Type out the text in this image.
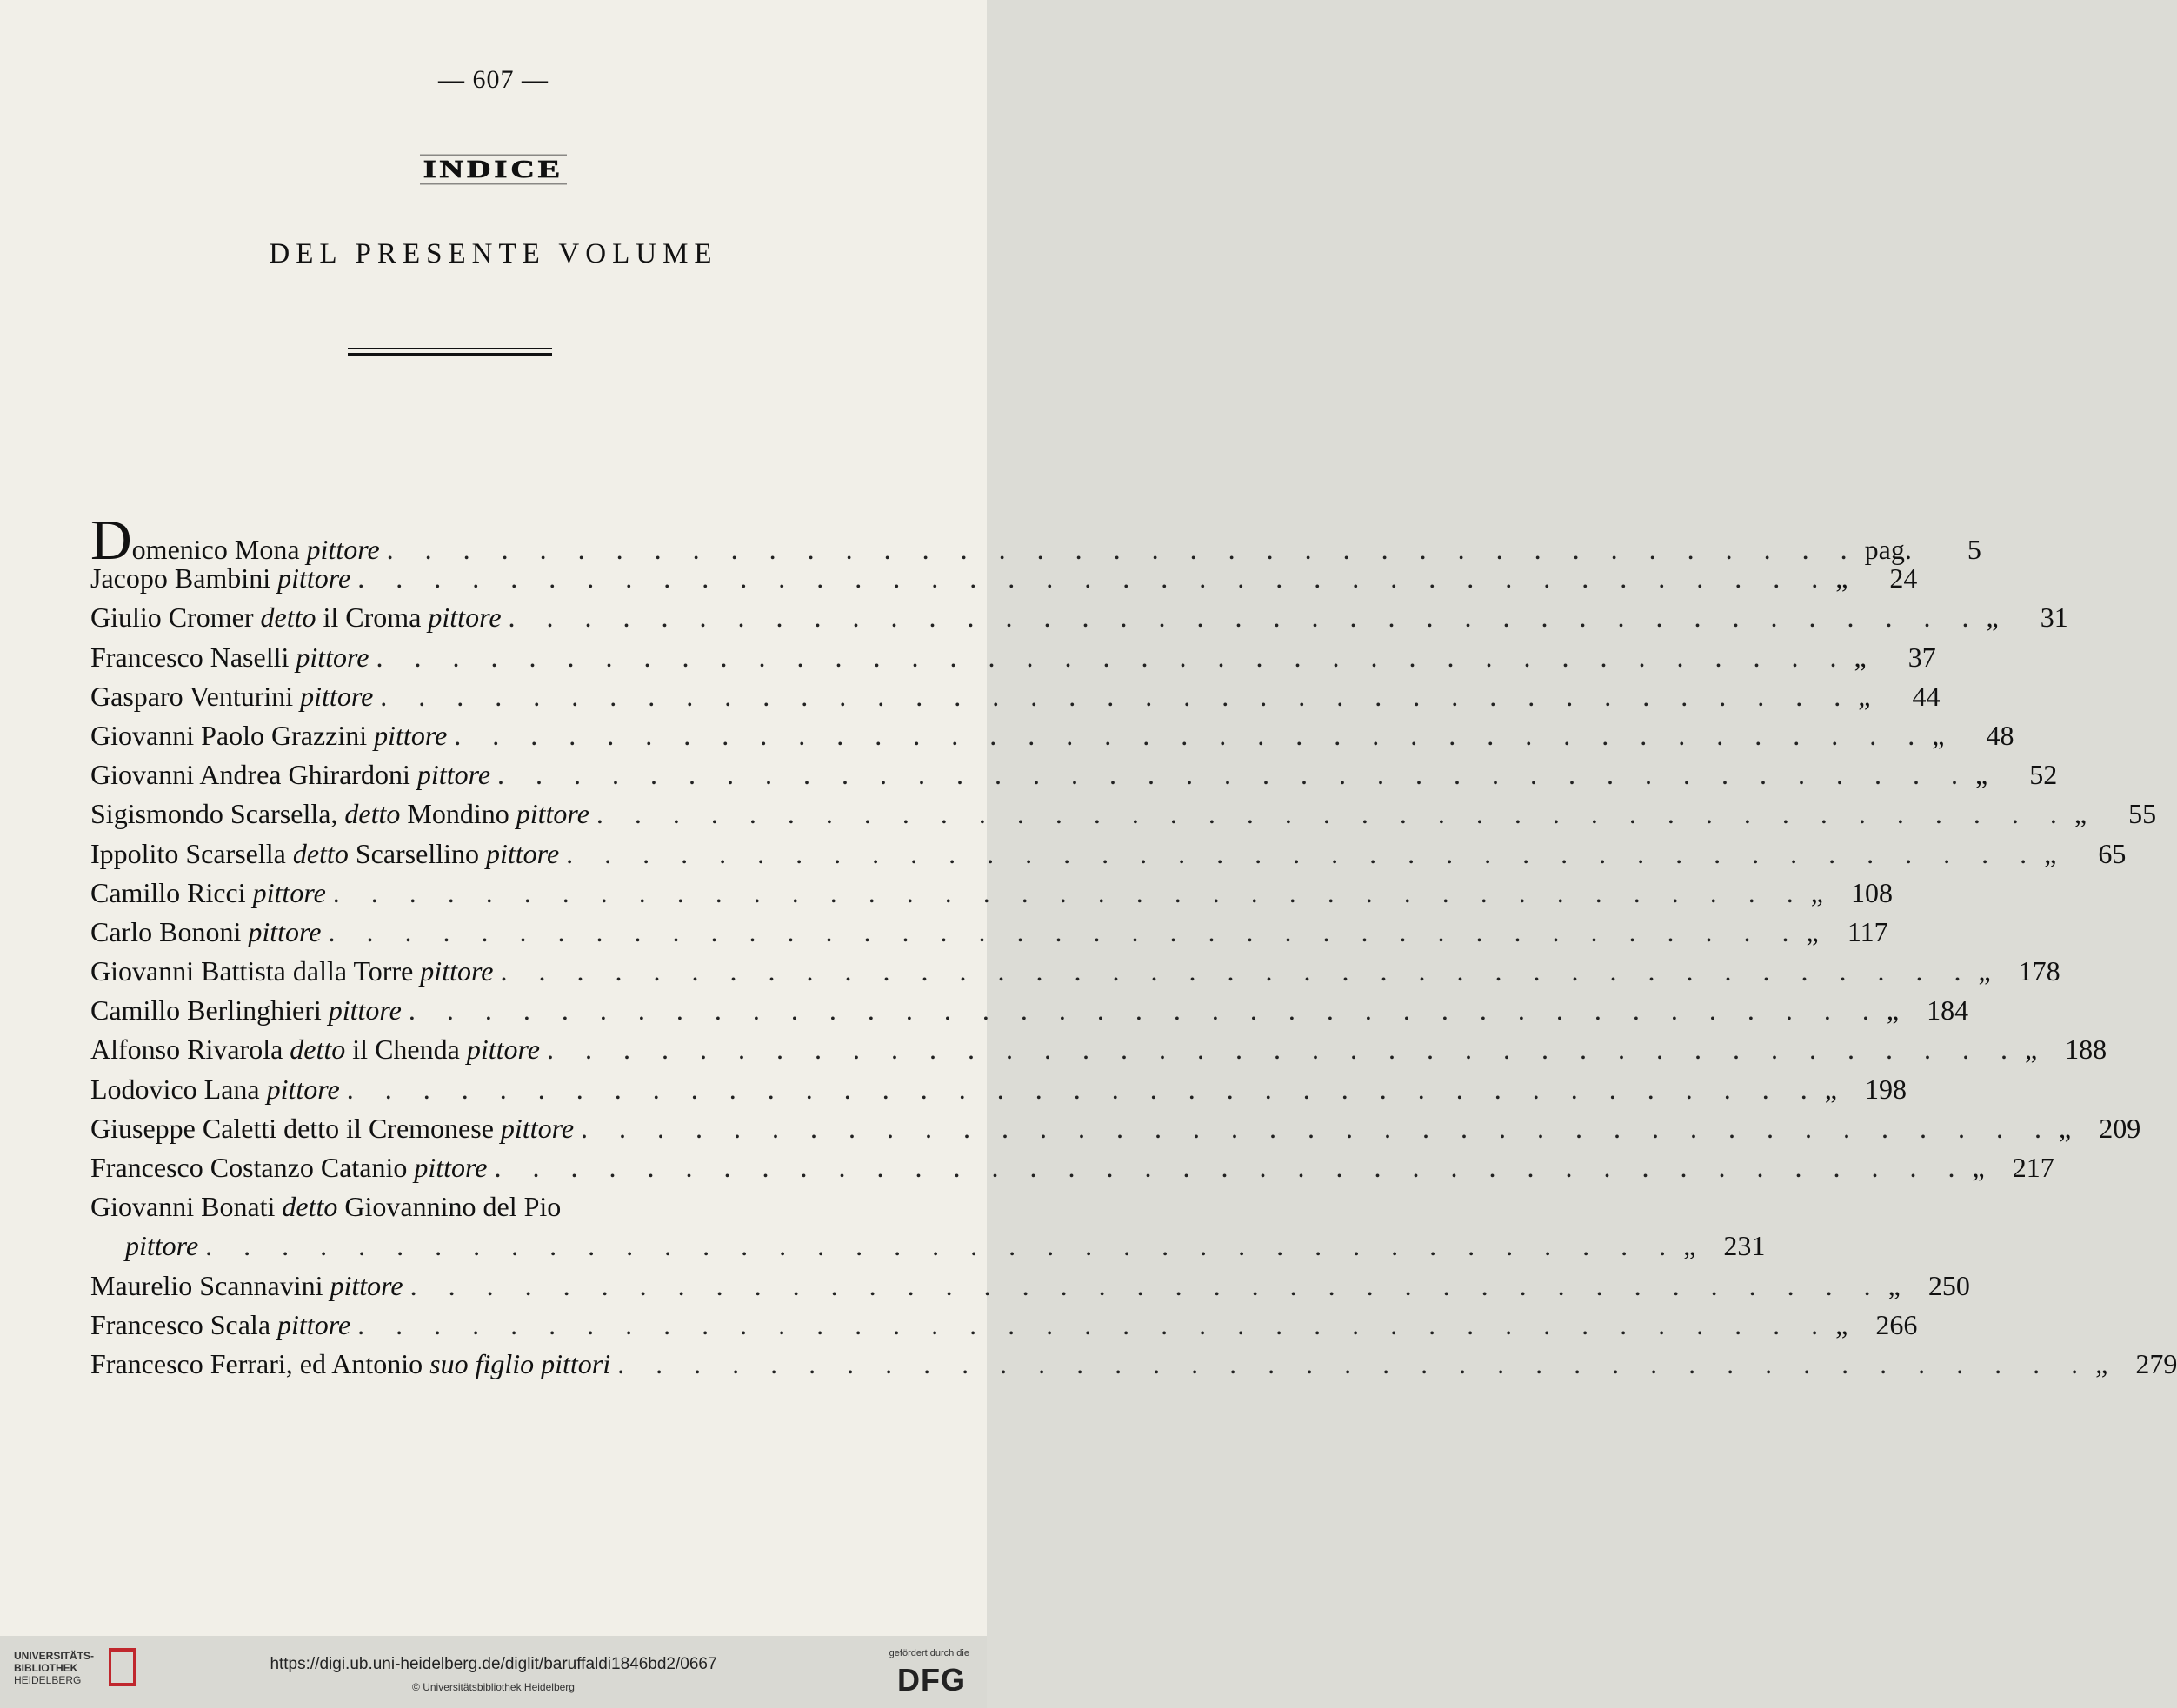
— 607 —
INDICE
DEL PRESENTE VOLUME
Domenico Mona pittore . . . . . . . . . . . . . . . . . . . . . . . . . . . . . . . . . . . . . . . pag.	5
Jacopo Bambini pittore . . . . . . . . . . . . . . . . . . . . . . . . . . . . . . . . . . . . . . . „	24
Giulio Cromer detto il Croma pittore . . . . . . . . . . . . . . . . . . . . . . . . . . . . . . . . . . . . . . . „	31
Francesco Naselli pittore . . . . . . . . . . . . . . . . . . . . . . . . . . . . . . . . . . . . . . . „	37
Gasparo Venturini pittore . . . . . . . . . . . . . . . . . . . . . . . . . . . . . . . . . . . . . . . „	44
Giovanni Paolo Grazzini pittore . . . . . . . . . . . . . . . . . . . . . . . . . . . . . . . . . . . . . . . „	48
Giovanni Andrea Ghirardoni pittore . . . . . . . . . . . . . . . . . . . . . . . . . . . . . . . . . . . . . . . „	52
Sigismondo Scarsella, detto Mondino pittore . . . . . . . . . . . . . . . . . . . . . . . . . . . . . . . . . . . . . . . „	55
Ippolito Scarsella detto Scarsellino pittore . . . . . . . . . . . . . . . . . . . . . . . . . . . . . . . . . . . . . . . „	65
Camillo Ricci pittore . . . . . . . . . . . . . . . . . . . . . . . . . . . . . . . . . . . . . . . „	108
Carlo Bononi pittore . . . . . . . . . . . . . . . . . . . . . . . . . . . . . . . . . . . . . . . „	117
Giovanni Battista dalla Torre pittore . . . . . . . . . . . . . . . . . . . . . . . . . . . . . . . . . . . . . . . „	178
Camillo Berlinghieri pittore . . . . . . . . . . . . . . . . . . . . . . . . . . . . . . . . . . . . . . . „	184
Alfonso Rivarola detto il Chenda pittore . . . . . . . . . . . . . . . . . . . . . . . . . . . . . . . . . . . . . . . „	188
Lodovico Lana pittore . . . . . . . . . . . . . . . . . . . . . . . . . . . . . . . . . . . . . . . „	198
Giuseppe Caletti detto il Cremonese pittore . . . . . . . . . . . . . . . . . . . . . . . . . . . . . . . . . . . . . . . „	209
Francesco Costanzo Catanio pittore . . . . . . . . . . . . . . . . . . . . . . . . . . . . . . . . . . . . . . . „	217
Giovanni Bonati detto Giovannino del Pio
pittore . . . . . . . . . . . . . . . . . . . . . . . . . . . . . . . . . . . . . . . „	231
Maurelio Scannavini pittore . . . . . . . . . . . . . . . . . . . . . . . . . . . . . . . . . . . . . . . „	250
Francesco Scala pittore . . . . . . . . . . . . . . . . . . . . . . . . . . . . . . . . . . . . . . . „	266
Francesco Ferrari, ed Antonio suo figlio pittori . . . . . . . . . . . . . . . . . . . . . . . . . . . . . . . . . . . . . . . „	279
UNIVERSITÄTS-
BIBLIOTHEK
HEIDELBERG
https://digi.ub.uni-heidelberg.de/diglit/baruffaldi1846bd2/0667
© Universitätsbibliothek Heidelberg
gefördert durch die
DFG
